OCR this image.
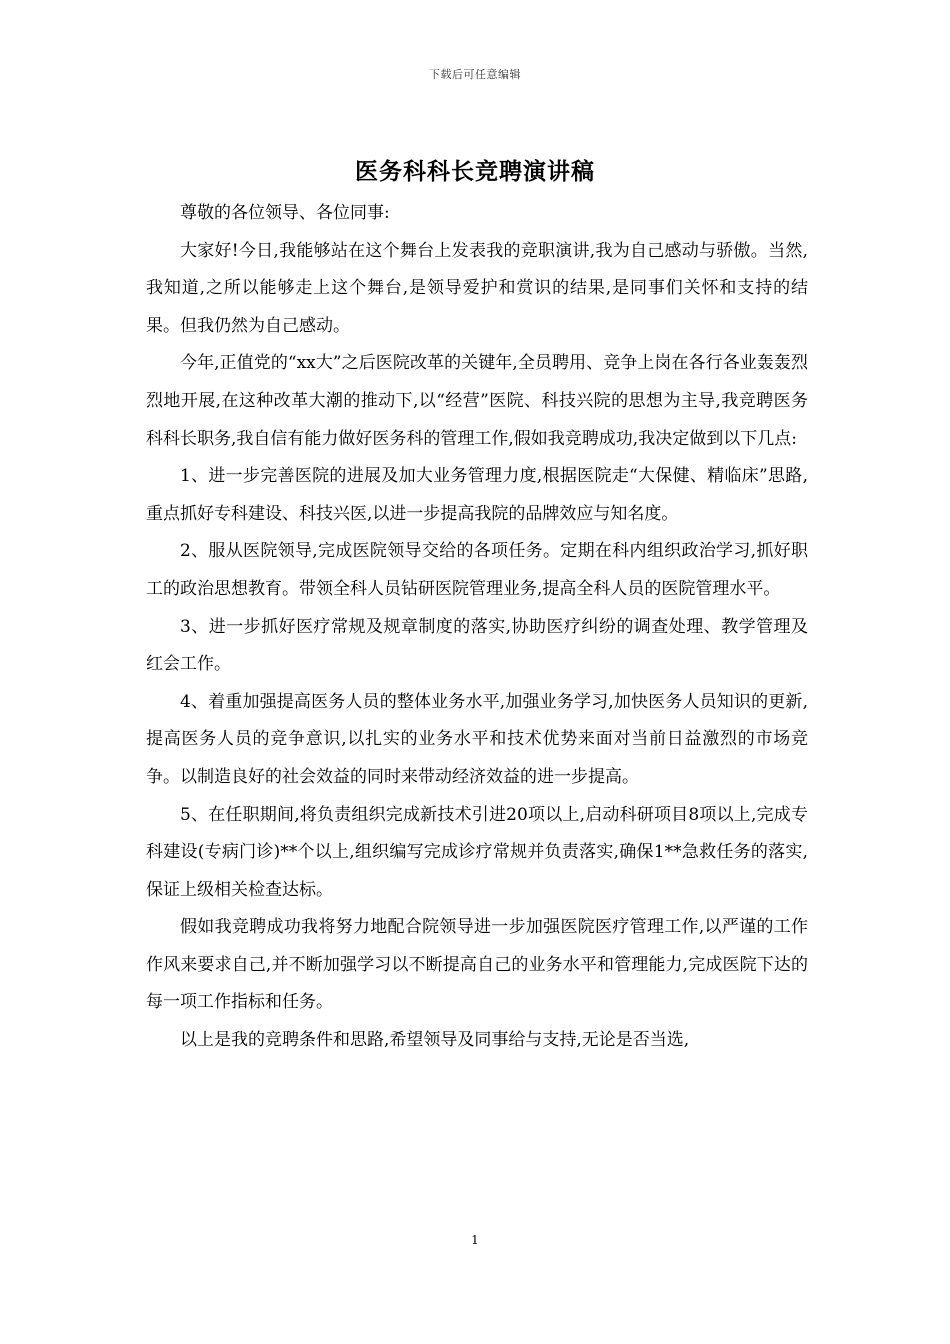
下载后可任意编辑
医务科科长竞聘演讲稿

尊敬的各位领导、各位同事:

大家好!今日,我能够站在这个舞台上发表我的竞职演讲,我为自己感动与骄傲。当然,我知道,之所以能够走上这个舞台,是领导爱护和赏识的结果,是同事们关怀和支持的结果。但我仍然为自己感动。

今年,正值党的“xx大”之后医院改革的关键年,全员聘用、竞争上岗在各行各业轰轰烈烈地开展,在这种改革大潮的推动下,以“经营”医院、科技兴院的思想为主导,我竞聘医务科科长职务,我自信有能力做好医务科的管理工作,假如我竞聘成功,我决定做到以下几点:

1、进一步完善医院的进展及加大业务管理力度,根据医院走“大保健、精临床”思路,重点抓好专科建设、科技兴医,以进一步提高我院的品牌效应与知名度。

2、服从医院领导,完成医院领导交给的各项任务。定期在科内组织政治学习,抓好职工的政治思想教育。带领全科人员钻研医院管理业务,提高全科人员的医院管理水平。

3、进一步抓好医疗常规及规章制度的落实,协助医疗纠纷的调查处理、教学管理及红会工作。

4、着重加强提高医务人员的整体业务水平,加强业务学习,加快医务人员知识的更新,提高医务人员的竞争意识,以扎实的业务水平和技术优势来面对当前日益激烈的市场竞争。以制造良好的社会效益的同时来带动经济效益的进一步提高。

5、在任职期间,将负责组织完成新技术引进20项以上,启动科研项目8项以上,完成专科建设(专病门诊)**个以上,组织编写完成诊疗常规并负责落实,确保1**急救任务的落实,保证上级相关检查达标。

假如我竞聘成功我将努力地配合院领导进一步加强医院医疗管理工作,以严谨的工作作风来要求自己,并不断加强学习以不断提高自己的业务水平和管理能力,完成医院下达的每一项工作指标和任务。

以上是我的竞聘条件和思路,希望领导及同事给与支持,无论是否当选,

1
